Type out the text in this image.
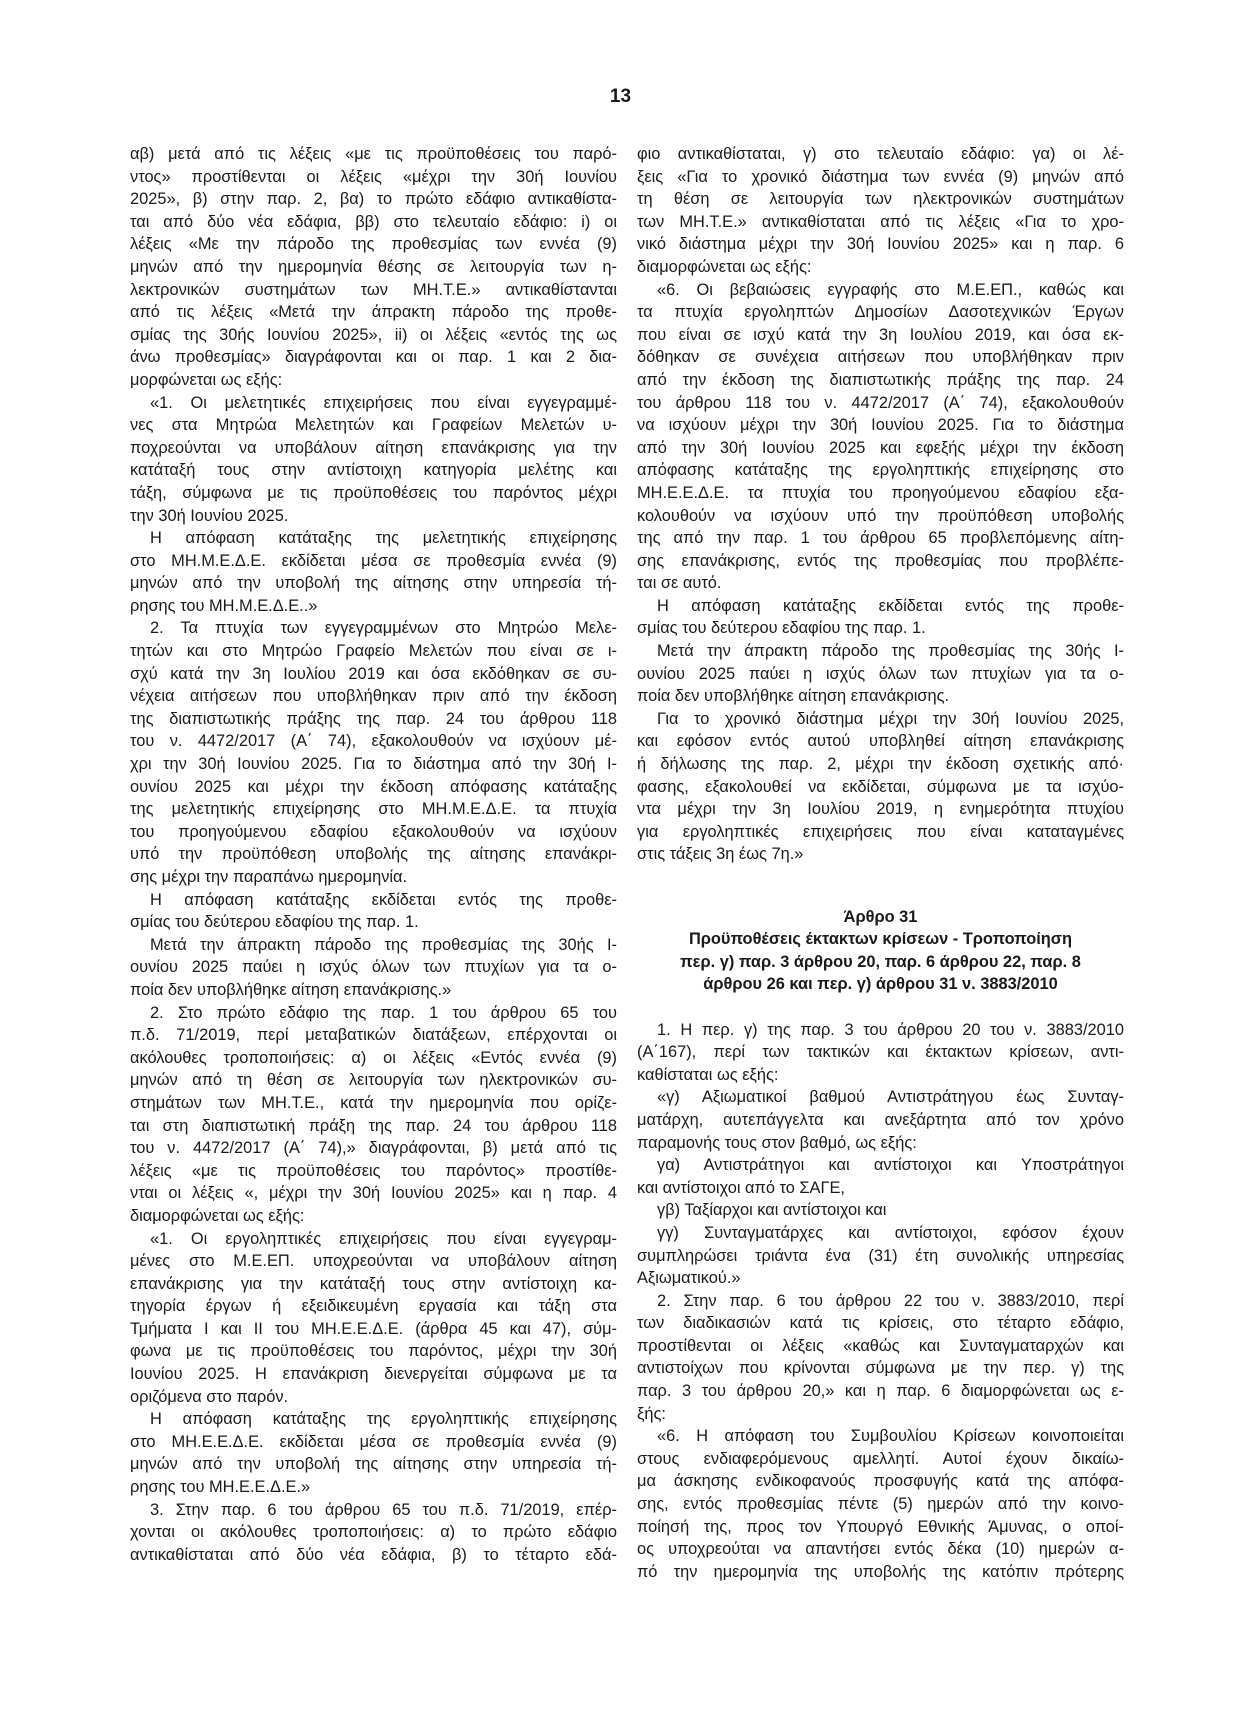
13
αβ) μετά από τις λέξεις «με τις προϋποθέσεις του παρό-
ντος» προστίθενται οι λέξεις «μέχρι την 30ή Ιουνίου
2025», β) στην παρ. 2, βα) το πρώτο εδάφιο αντικαθίστα-
ται από δύο νέα εδάφια, ββ) στο τελευταίο εδάφιο: i) οι
λέξεις «Με την πάροδο της προθεσμίας των εννέα (9)
μηνών από την ημερομηνία θέσης σε λειτουργία των η-
λεκτρονικών συστημάτων των ΜΗ.Τ.Ε.» αντικαθίστανται
από τις λέξεις «Μετά την άπρακτη πάροδο της προθε-
σμίας της 30ής Ιουνίου 2025», ii) οι λέξεις «εντός της ως
άνω προθεσμίας» διαγράφονται και οι παρ. 1 και 2 δια-
μορφώνεται ως εξής:
«1. Οι μελετητικές επιχειρήσεις που είναι εγγεγραμμέ-
νες στα Μητρώα Μελετητών και Γραφείων Μελετών υ-
ποχρεούνται να υποβάλουν αίτηση επανάκρισης για την
κατάταξή τους στην αντίστοιχη κατηγορία μελέτης και
τάξη, σύμφωνα με τις προϋποθέσεις του παρόντος μέχρι
την 30ή Ιουνίου 2025.
Η απόφαση κατάταξης της μελετητικής επιχείρησης
στο ΜΗ.Μ.Ε.Δ.Ε. εκδίδεται μέσα σε προθεσμία εννέα (9)
μηνών από την υποβολή της αίτησης στην υπηρεσία τή-
ρησης του ΜΗ.Μ.Ε.Δ.Ε..»
2. Τα πτυχία των εγγεγραμμένων στο Μητρώο Μελε-
τητών και στο Μητρώο Γραφείο Μελετών που είναι σε ι-
σχύ κατά την 3η Ιουλίου 2019 και όσα εκδόθηκαν σε συ-
νέχεια αιτήσεων που υποβλήθηκαν πριν από την έκδοση
της διαπιστωτικής πράξης της παρ. 24 του άρθρου 118
του ν. 4472/2017 (Α΄ 74), εξακολουθούν να ισχύουν μέ-
χρι την 30ή Ιουνίου 2025. Για το διάστημα από την 30ή Ι-
ουνίου 2025 και μέχρι την έκδοση απόφασης κατάταξης
της μελετητικής επιχείρησης στο ΜΗ.Μ.Ε.Δ.Ε. τα πτυχία
του προηγούμενου εδαφίου εξακολουθούν να ισχύουν
υπό την προϋπόθεση υποβολής της αίτησης επανάκρι-
σης μέχρι την παραπάνω ημερομηνία.
Η απόφαση κατάταξης εκδίδεται εντός της προθε-
σμίας του δεύτερου εδαφίου της παρ. 1.
Μετά την άπρακτη πάροδο της προθεσμίας της 30ής Ι-
ουνίου 2025 παύει η ισχύς όλων των πτυχίων για τα ο-
ποία δεν υποβλήθηκε αίτηση επανάκρισης.»
2. Στο πρώτο εδάφιο της παρ. 1 του άρθρου 65 του
π.δ. 71/2019, περί μεταβατικών διατάξεων, επέρχονται οι
ακόλουθες τροποποιήσεις: α) οι λέξεις «Εντός εννέα (9)
μηνών από τη θέση σε λειτουργία των ηλεκτρονικών συ-
στημάτων των ΜΗ.Τ.Ε., κατά την ημερομηνία που ορίζε-
ται στη διαπιστωτική πράξη της παρ. 24 του άρθρου 118
του ν. 4472/2017 (Α΄ 74),» διαγράφονται, β) μετά από τις
λέξεις «με τις προϋποθέσεις του παρόντος» προστίθε-
νται οι λέξεις «, μέχρι την 30ή Ιουνίου 2025» και η παρ. 4
διαμορφώνεται ως εξής:
«1. Οι εργοληπτικές επιχειρήσεις που είναι εγγεγραμ-
μένες στο Μ.Ε.ΕΠ. υποχρεούνται να υποβάλουν αίτηση
επανάκρισης για την κατάταξή τους στην αντίστοιχη κα-
τηγορία έργων ή εξειδικευμένη εργασία και τάξη στα
Τμήματα Ι και ΙΙ του ΜΗ.Ε.Ε.Δ.Ε. (άρθρα 45 και 47), σύμ-
φωνα με τις προϋποθέσεις του παρόντος, μέχρι την 30ή
Ιουνίου 2025. Η επανάκριση διενεργείται σύμφωνα με τα
οριζόμενα στο παρόν.
Η απόφαση κατάταξης της εργοληπτικής επιχείρησης
στο ΜΗ.Ε.Ε.Δ.Ε. εκδίδεται μέσα σε προθεσμία εννέα (9)
μηνών από την υποβολή της αίτησης στην υπηρεσία τή-
ρησης του ΜΗ.Ε.Ε.Δ.Ε.»
3. Στην παρ. 6 του άρθρου 65 του π.δ. 71/2019, επέρ-
χονται οι ακόλουθες τροποποιήσεις: α) το πρώτο εδάφιο
αντικαθίσταται από δύο νέα εδάφια, β) το τέταρτο εδά-
φιο αντικαθίσταται, γ) στο τελευταίο εδάφιο: γα) οι λέ-
ξεις «Για το χρονικό διάστημα των εννέα (9) μηνών από
τη θέση σε λειτουργία των ηλεκτρονικών συστημάτων
των ΜΗ.Τ.Ε.» αντικαθίσταται από τις λέξεις «Για το χρο-
νικό διάστημα μέχρι την 30ή Ιουνίου 2025» και η παρ. 6
διαμορφώνεται ως εξής:
«6. Οι βεβαιώσεις εγγραφής στο Μ.Ε.ΕΠ., καθώς και
τα πτυχία εργοληπτών Δημοσίων Δασοτεχνικών Έργων
που είναι σε ισχύ κατά την 3η Ιουλίου 2019, και όσα εκ-
δόθηκαν σε συνέχεια αιτήσεων που υποβλήθηκαν πριν
από την έκδοση της διαπιστωτικής πράξης της παρ. 24
του άρθρου 118 του ν. 4472/2017 (Α΄ 74), εξακολουθούν
να ισχύουν μέχρι την 30ή Ιουνίου 2025. Για το διάστημα
από την 30ή Ιουνίου 2025 και εφεξής μέχρι την έκδοση
απόφασης κατάταξης της εργοληπτικής επιχείρησης στο
ΜΗ.Ε.Ε.Δ.Ε. τα πτυχία του προηγούμενου εδαφίου εξα-
κολουθούν να ισχύουν υπό την προϋπόθεση υποβολής
της από την παρ. 1 του άρθρου 65 προβλεπόμενης αίτη-
σης επανάκρισης, εντός της προθεσμίας που προβλέπε-
ται σε αυτό.
Η απόφαση κατάταξης εκδίδεται εντός της προθε-
σμίας του δεύτερου εδαφίου της παρ. 1.
Μετά την άπρακτη πάροδο της προθεσμίας της 30ής Ι-
ουνίου 2025 παύει η ισχύς όλων των πτυχίων για τα ο-
ποία δεν υποβλήθηκε αίτηση επανάκρισης.
Για το χρονικό διάστημα μέχρι την 30ή Ιουνίου 2025,
και εφόσον εντός αυτού υποβληθεί αίτηση επανάκρισης
ή δήλωσης της παρ. 2, μέχρι την έκδοση σχετικής από·
φασης, εξακολουθεί να εκδίδεται, σύμφωνα με τα ισχύο-
ντα μέχρι την 3η Ιουλίου 2019, η ενημερότητα πτυχίου
για εργοληπτικές επιχειρήσεις που είναι καταταγμένες
στις τάξεις 3η έως 7η.»
Άρθρο 31
Προϋποθέσεις έκτακτων κρίσεων - Τροποποίηση
περ. γ) παρ. 3 άρθρου 20, παρ. 6 άρθρου 22, παρ. 8
άρθρου 26 και περ. γ) άρθρου 31 ν. 3883/2010
1. Η περ. γ) της παρ. 3 του άρθρου 20 του ν. 3883/2010
(Α΄167), περί των τακτικών και έκτακτων κρίσεων, αντι-
καθίσταται ως εξής:
«γ) Αξιωματικοί βαθμού Αντιστράτηγου έως Συνταγ-
ματάρχη, αυτεπάγγελτα και ανεξάρτητα από τον χρόνο
παραμονής τους στον βαθμό, ως εξής:
γα) Αντιστράτηγοι και αντίστοιχοι και Υποστράτηγοι
και αντίστοιχοι από το ΣΑΓΕ,
γβ) Ταξίαρχοι και αντίστοιχοι και
γγ) Συνταγματάρχες και αντίστοιχοι, εφόσον έχουν
συμπληρώσει τριάντα ένα (31) έτη συνολικής υπηρεσίας
Αξιωματικού.»
2. Στην παρ. 6 του άρθρου 22 του ν. 3883/2010, περί
των διαδικασιών κατά τις κρίσεις, στο τέταρτο εδάφιο,
προστίθενται οι λέξεις «καθώς και Συνταγματαρχών και
αντιστοίχων που κρίνονται σύμφωνα με την περ. γ) της
παρ. 3 του άρθρου 20,» και η παρ. 6 διαμορφώνεται ως ε-
ξής:
«6. Η απόφαση του Συμβουλίου Κρίσεων κοινοποιείται
στους ενδιαφερόμενους αμελλητί. Αυτοί έχουν δικαίω-
μα άσκησης ενδικοφανούς προσφυγής κατά της απόφα-
σης, εντός προθεσμίας πέντε (5) ημερών από την κοινο-
ποίησή της, προς τον Υπουργό Εθνικής Άμυνας, ο οποί-
ος υποχρεούται να απαντήσει εντός δέκα (10) ημερών α-
πό την ημερομηνία της υποβολής της κατόπιν πρότερης
